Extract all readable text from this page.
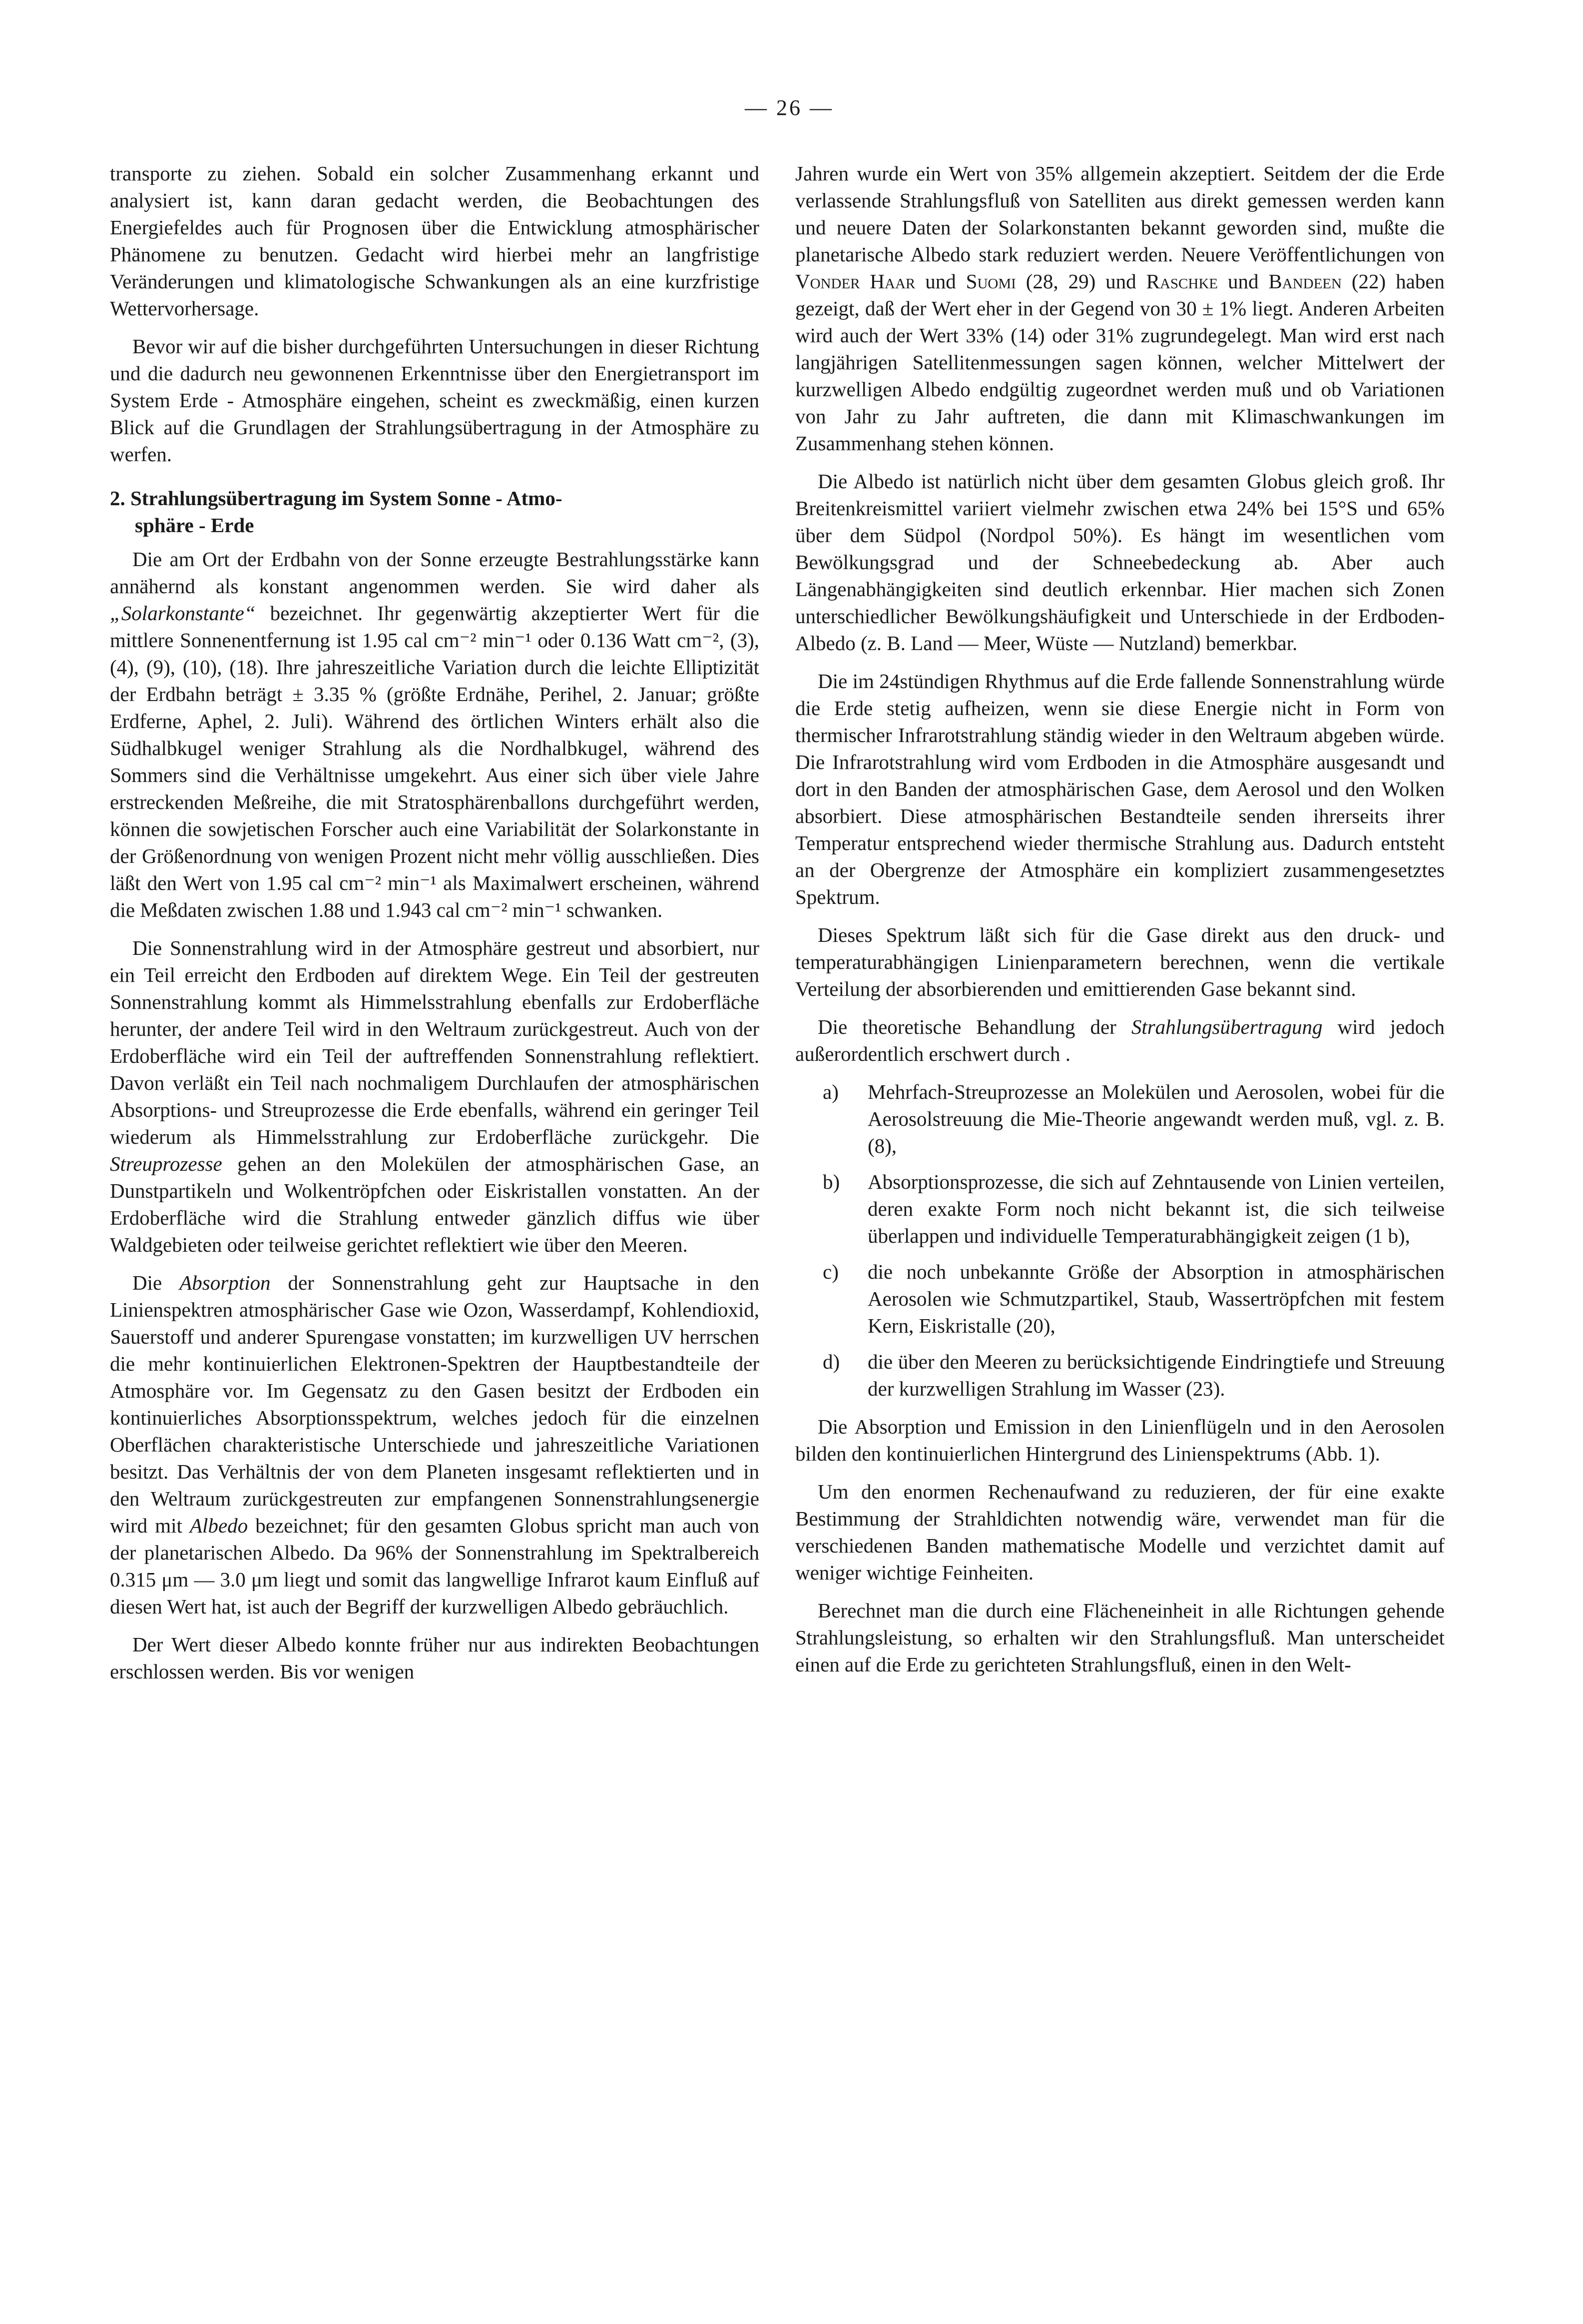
— 26 —

transporte zu ziehen. Sobald ein solcher Zusammenhang erkannt und analysiert ist, kann daran gedacht werden, die Beobachtungen des Energiefeldes auch für Prognosen über die Entwicklung atmosphärischer Phänomene zu benutzen. Gedacht wird hierbei mehr an langfristige Veränderungen und klimatologische Schwankungen als an eine kurzfristige Wettervorhersage.

Bevor wir auf die bisher durchgeführten Untersuchungen in dieser Richtung und die dadurch neu gewonnenen Erkenntnisse über den Energietransport im System Erde - Atmosphäre eingehen, scheint es zweckmäßig, einen kurzen Blick auf die Grundlagen der Strahlungsübertragung in der Atmosphäre zu werfen.

2. Strahlungsübertragung im System Sonne - Atmo-
sphäre - Erde

Die am Ort der Erdbahn von der Sonne erzeugte Bestrahlungsstärke kann annähernd als konstant angenommen werden. Sie wird daher als „Solarkonstante“ bezeichnet. Ihr gegenwärtig akzeptierter Wert für die mittlere Sonnenentfernung ist 1.95 cal cm⁻² min⁻¹ oder 0.136 Watt cm⁻², (3), (4), (9), (10), (18). Ihre jahreszeitliche Variation durch die leichte Elliptizität der Erdbahn beträgt ± 3.35 % (größte Erdnähe, Perihel, 2. Januar; größte Erdferne, Aphel, 2. Juli). Während des örtlichen Winters erhält also die Südhalbkugel weniger Strahlung als die Nordhalbkugel, während des Sommers sind die Verhältnisse umgekehrt. Aus einer sich über viele Jahre erstreckenden Meßreihe, die mit Stratosphärenballons durchgeführt werden, können die sowjetischen Forscher auch eine Variabilität der Solarkonstante in der Größenordnung von wenigen Prozent nicht mehr völlig ausschließen. Dies läßt den Wert von 1.95 cal cm⁻² min⁻¹ als Maximalwert erscheinen, während die Meßdaten zwischen 1.88 und 1.943 cal cm⁻² min⁻¹ schwanken.

Die Sonnenstrahlung wird in der Atmosphäre gestreut und absorbiert, nur ein Teil erreicht den Erdboden auf direktem Wege. Ein Teil der gestreuten Sonnenstrahlung kommt als Himmelsstrahlung ebenfalls zur Erdoberfläche herunter, der andere Teil wird in den Weltraum zurückgestreut. Auch von der Erdoberfläche wird ein Teil der auftreffenden Sonnenstrahlung reflektiert. Davon verläßt ein Teil nach nochmaligem Durchlaufen der atmosphärischen Absorptions- und Streuprozesse die Erde ebenfalls, während ein geringer Teil wiederum als Himmelsstrahlung zur Erdoberfläche zurückgehr. Die Streuprozesse gehen an den Molekülen der atmosphärischen Gase, an Dunstpartikeln und Wolkentröpfchen oder Eiskristallen vonstatten. An der Erdoberfläche wird die Strahlung entweder gänzlich diffus wie über Waldgebieten oder teilweise gerichtet reflektiert wie über den Meeren.

Die Absorption der Sonnenstrahlung geht zur Hauptsache in den Linienspektren atmosphärischer Gase wie Ozon, Wasserdampf, Kohlendioxid, Sauerstoff und anderer Spurengase vonstatten; im kurzwelligen UV herrschen die mehr kontinuierlichen Elektronen-Spektren der Hauptbestandteile der Atmosphäre vor. Im Gegensatz zu den Gasen besitzt der Erdboden ein kontinuierliches Absorptionsspektrum, welches jedoch für die einzelnen Oberflächen charakteristische Unterschiede und jahreszeitliche Variationen besitzt. Das Verhältnis der von dem Planeten insgesamt reflektierten und in den Weltraum zurückgestreuten zur empfangenen Sonnenstrahlungsenergie wird mit Albedo bezeichnet; für den gesamten Globus spricht man auch von der planetarischen Albedo. Da 96% der Sonnenstrahlung im Spektralbereich 0.315 μm — 3.0 μm liegt und somit das langwellige Infrarot kaum Einfluß auf diesen Wert hat, ist auch der Begriff der kurzwelligen Albedo gebräuchlich.

Der Wert dieser Albedo konnte früher nur aus indirekten Beobachtungen erschlossen werden. Bis vor wenigen

Jahren wurde ein Wert von 35% allgemein akzeptiert. Seitdem der die Erde verlassende Strahlungsfluß von Satelliten aus direkt gemessen werden kann und neuere Daten der Solarkonstanten bekannt geworden sind, mußte die planetarische Albedo stark reduziert werden. Neuere Veröffentlichungen von Vonder Haar und Suomi (28, 29) und Raschke und Bandeen (22) haben gezeigt, daß der Wert eher in der Gegend von 30 ± 1% liegt. Anderen Arbeiten wird auch der Wert 33% (14) oder 31% zugrundegelegt. Man wird erst nach langjährigen Satellitenmessungen sagen können, welcher Mittelwert der kurzwelligen Albedo endgültig zugeordnet werden muß und ob Variationen von Jahr zu Jahr auftreten, die dann mit Klimaschwankungen im Zusammenhang stehen können.

Die Albedo ist natürlich nicht über dem gesamten Globus gleich groß. Ihr Breitenkreismittel variiert vielmehr zwischen etwa 24% bei 15°S und 65% über dem Südpol (Nordpol 50%). Es hängt im wesentlichen vom Bewölkungsgrad und der Schneebedeckung ab. Aber auch Längenabhängigkeiten sind deutlich erkennbar. Hier machen sich Zonen unterschiedlicher Bewölkungshäufigkeit und Unterschiede in der Erdboden-Albedo (z. B. Land — Meer, Wüste — Nutzland) bemerkbar.

Die im 24stündigen Rhythmus auf die Erde fallende Sonnenstrahlung würde die Erde stetig aufheizen, wenn sie diese Energie nicht in Form von thermischer Infrarotstrahlung ständig wieder in den Weltraum abgeben würde. Die Infrarotstrahlung wird vom Erdboden in die Atmosphäre ausgesandt und dort in den Banden der atmosphärischen Gase, dem Aerosol und den Wolken absorbiert. Diese atmosphärischen Bestandteile senden ihrerseits ihrer Temperatur entsprechend wieder thermische Strahlung aus. Dadurch entsteht an der Obergrenze der Atmosphäre ein kompliziert zusammengesetztes Spektrum.

Dieses Spektrum läßt sich für die Gase direkt aus den druck- und temperaturabhängigen Linienparametern berechnen, wenn die vertikale Verteilung der absorbierenden und emittierenden Gase bekannt sind.

Die theoretische Behandlung der Strahlungsübertragung wird jedoch außerordentlich erschwert durch .

a) Mehrfach-Streuprozesse an Molekülen und Aerosolen, wobei für die Aerosolstreuung die Mie-Theorie angewandt werden muß, vgl. z. B. (8),
b) Absorptionsprozesse, die sich auf Zehntausende von Linien verteilen, deren exakte Form noch nicht bekannt ist, die sich teilweise überlappen und individuelle Temperaturabhängigkeit zeigen (1 b),
c) die noch unbekannte Größe der Absorption in atmosphärischen Aerosolen wie Schmutzpartikel, Staub, Wassertröpfchen mit festem Kern, Eiskristalle (20),
d) die über den Meeren zu berücksichtigende Eindringtiefe und Streuung der kurzwelligen Strahlung im Wasser (23).

Die Absorption und Emission in den Linienflügeln und in den Aerosolen bilden den kontinuierlichen Hintergrund des Linienspektrums (Abb. 1).

Um den enormen Rechenaufwand zu reduzieren, der für eine exakte Bestimmung der Strahldichten notwendig wäre, verwendet man für die verschiedenen Banden mathematische Modelle und verzichtet damit auf weniger wichtige Feinheiten.

Berechnet man die durch eine Flächeneinheit in alle Richtungen gehende Strahlungsleistung, so erhalten wir den Strahlungsfluß. Man unterscheidet einen auf die Erde zu gerichteten Strahlungsfluß, einen in den Welt-
